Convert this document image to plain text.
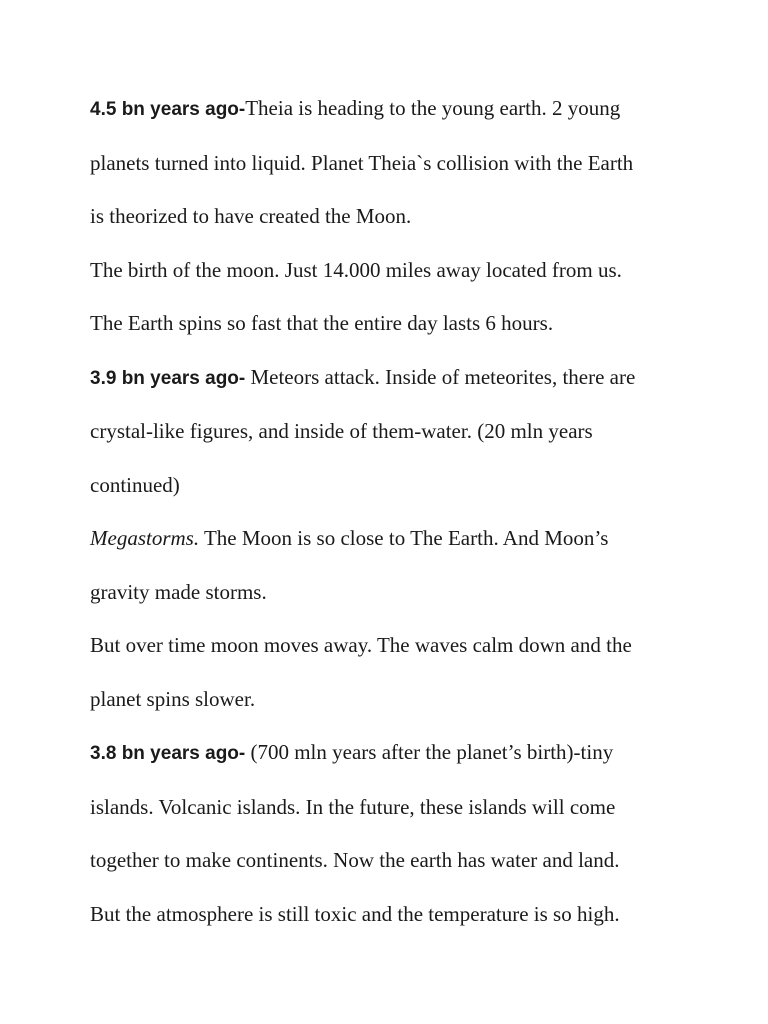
4.5 bn years ago-Theia is heading to the young earth. 2 young
planets turned into liquid. Planet Theia`s collision with the Earth
is theorized to have created the Moon.
The birth of the moon. Just 14.000 miles away located from us.
The Earth spins so fast that the entire day lasts 6 hours.
3.9 bn years ago- Meteors attack. Inside of meteorites, there are
crystal-like figures, and inside of them-water. (20 mln years
continued)
Megastorms. The Moon is so close to The Earth. And Moon’s
gravity made storms.
But over time moon moves away. The waves calm down and the
planet spins slower.
3.8 bn years ago- (700 mln years after the planet’s birth)-tiny
islands. Volcanic islands. In the future, these islands will come
together to make continents. Now the earth has water and land.
But the atmosphere is still toxic and the temperature is so high.
